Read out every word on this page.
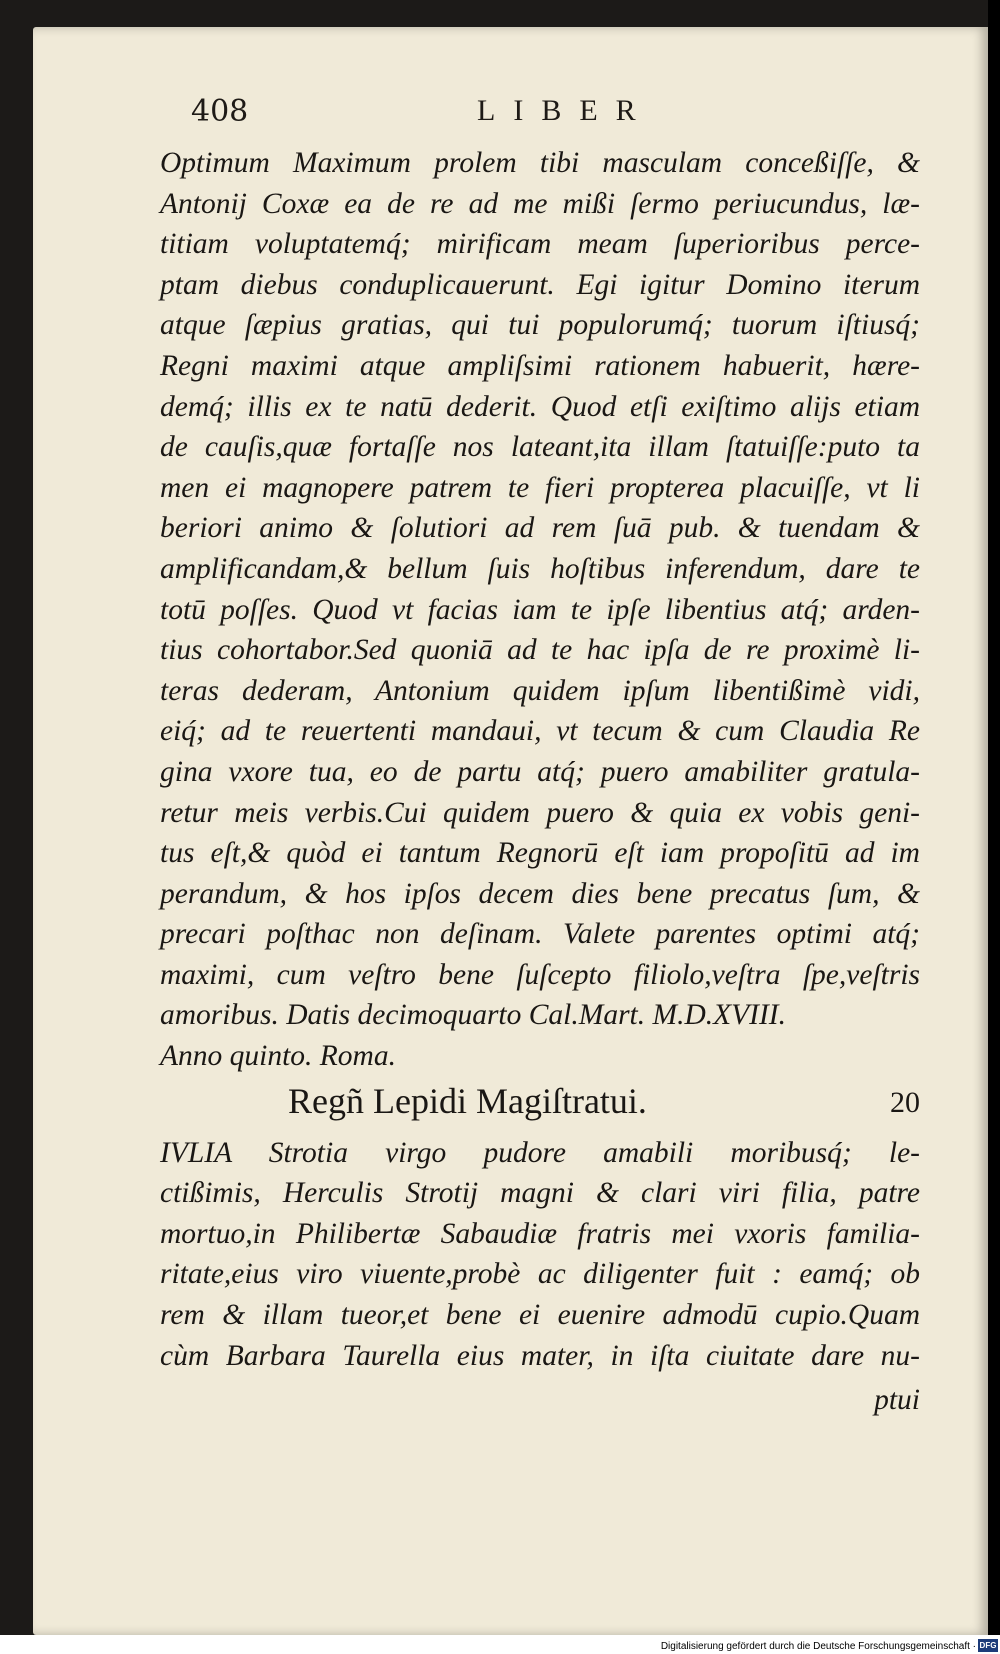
408	LIBER
Optimum Maximum prolem tibi masculam conceßiſſe, &
Antonij Coxæ ea de re ad me mißi ſermo periucundus, læ-
titiam voluptatemq́; mirificam meam ſuperioribus perce-
ptam diebus conduplicauerunt. Egi igitur Domino iterum
atque ſæpius gratias, qui tui populorumq́; tuorum iſtiusq́;
Regni maximi atque ampliſsimi rationem habuerit, hære-
demq́; illis ex te natū dederit. Quod etſi exiſtimo alijs etiam
de cauſis,quæ fortaſſe nos lateant,ita illam ſtatuiſſe:puto ta
men ei magnopere patrem te fieri propterea placuiſſe, vt li
beriori animo & ſolutiori ad rem ſuā pub. & tuendam &
amplificandam,& bellum ſuis hoſtibus inferendum, dare te
totū poſſes. Quod vt facias iam te ipſe libentius atq́; arden-
tius cohortabor.Sed quoniā ad te hac ipſa de re proximè li-
teras dederam, Antonium quidem ipſum libentißimè vidi,
eiq́; ad te reuertenti mandaui, vt tecum & cum Claudia Re
gina vxore tua, eo de partu atq́; puero amabiliter gratula-
retur meis verbis.Cui quidem puero & quia ex vobis geni-
tus eſt,& quòd ei tantum Regnorū eſt iam propoſitū ad im
perandum, & hos ipſos decem dies bene precatus ſum, &
precari poſthac non deſinam. Valete parentes optimi atq́;
maximi, cum veſtro bene ſuſcepto filiolo,veſtra ſpe,veſtris
amoribus. Datis decimoquarto Cal.Mart. M.D.XVIII.
Anno quinto. Roma.
Regñ Lepidi Magiſtratui.	20
IVLIA Strotia virgo pudore amabili moribusq́; le-
ctißimis, Herculis Strotij magni & clari viri filia, patre
mortuo,in Philibertæ Sabaudiæ fratris mei vxoris familia-
ritate,eius viro viuente,probè ac diligenter fuit : eamq́; ob
rem & illam tueor,et bene ei euenire admodū cupio.Quam
cùm Barbara Taurella eius mater, in iſta ciuitate dare nu-
ptui
Digitalisierung gefördert durch die Deutsche Forschungsgemeinschaft · DFG
